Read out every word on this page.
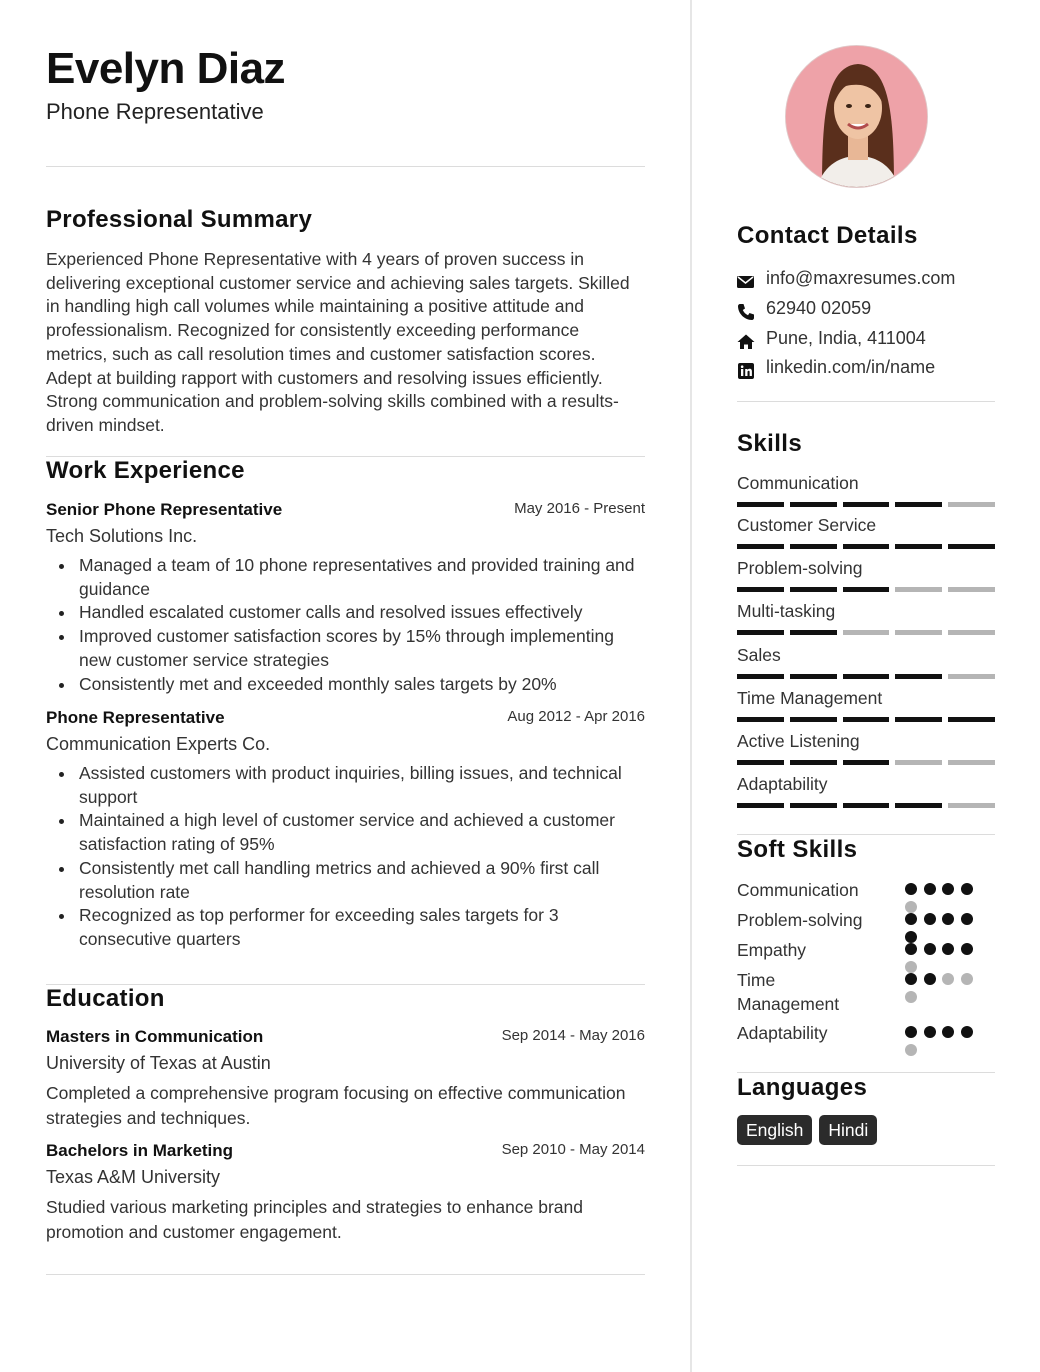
Evelyn Diaz
Phone Representative
Professional Summary
Experienced Phone Representative with 4 years of proven success in delivering exceptional customer service and achieving sales targets. Skilled in handling high call volumes while maintaining a positive attitude and professionalism. Recognized for consistently exceeding performance metrics, such as call resolution times and customer satisfaction scores. Adept at building rapport with customers and resolving issues efficiently. Strong communication and problem-solving skills combined with a results-driven mindset.
Work Experience
Senior Phone Representative	May 2016 - Present
Tech Solutions Inc.
Managed a team of 10 phone representatives and provided training and guidance
Handled escalated customer calls and resolved issues effectively
Improved customer satisfaction scores by 15% through implementing new customer service strategies
Consistently met and exceeded monthly sales targets by 20%
Phone Representative	Aug 2012 - Apr 2016
Communication Experts Co.
Assisted customers with product inquiries, billing issues, and technical support
Maintained a high level of customer service and achieved a customer satisfaction rating of 95%
Consistently met call handling metrics and achieved a 90% first call resolution rate
Recognized as top performer for exceeding sales targets for 3 consecutive quarters
Education
Masters in Communication	Sep 2014 - May 2016
University of Texas at Austin
Completed a comprehensive program focusing on effective communication strategies and techniques.
Bachelors in Marketing	Sep 2010 - May 2014
Texas A&M University
Studied various marketing principles and strategies to enhance brand promotion and customer engagement.
Contact Details
info@maxresumes.com
62940 02059
Pune, India, 411004
linkedin.com/in/name
Skills
Communication
Customer Service
Problem-solving
Multi-tasking
Sales
Time Management
Active Listening
Adaptability
Soft Skills
Communication
Problem-solving
Empathy
Time Management
Adaptability
Languages
English	Hindi
